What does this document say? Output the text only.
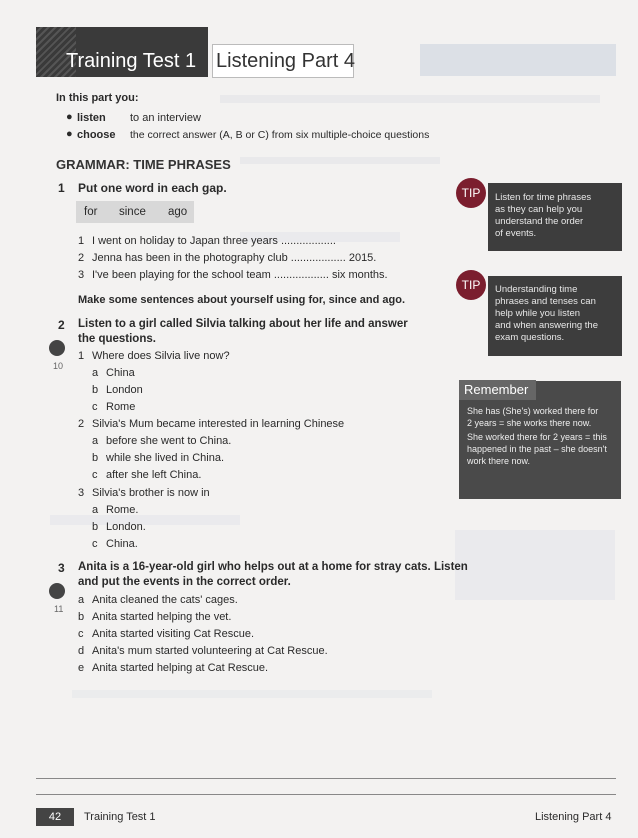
Training Test 1 Listening Part 4
In this part you:
● listen to an interview
● choose the correct answer (A, B or C) from six multiple-choice questions
GRAMMAR: TIME PHRASES
1 Put one word in each gap.
for since ago
1 I went on holiday to Japan three years ..................
2 Jenna has been in the photography club .................. 2015.
3 I've been playing for the school team .................. six months.
Make some sentences about yourself using for, since and ago.
2 Listen to a girl called Silvia talking about her life and answer
the questions.
10
1 Where does Silvia live now?
a China
b London
c Rome
2 Silvia's Mum became interested in learning Chinese
a before she went to China.
b while she lived in China.
c after she left China.
3 Silvia's brother is now in
a Rome.
b London.
c China.
3 Anita is a 16-year-old girl who helps out at a home for stray cats. Listen
and put the events in the correct order.
11
a Anita cleaned the cats' cages.
b Anita started helping the vet.
c Anita started visiting Cat Rescue.
d Anita's mum started volunteering at Cat Rescue.
e Anita started helping at Cat Rescue.
TIP	Listen for time phrases
as they can help you
understand the order
of events.
TIP	Understanding time
phrases and tenses can
help while you listen
and when answering the
exam questions.
Remember
She has (She's) worked there for
2 years = she works there now.
She worked there for 2 years = this
happened in the past – she doesn't
work there now.
42	Training Test 1	Listening Part 4
